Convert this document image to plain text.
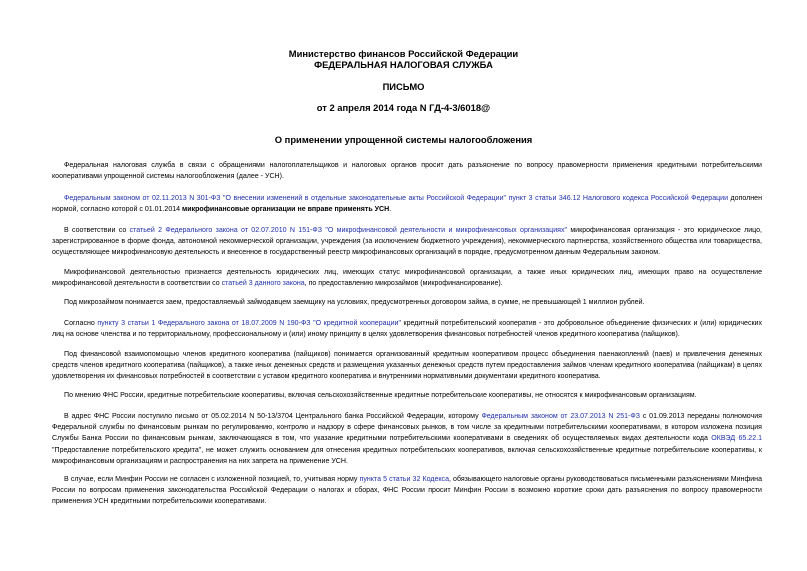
Министерство финансов Российской Федерации
ФЕДЕРАЛЬНАЯ НАЛОГОВАЯ СЛУЖБА
ПИСЬМО
от 2 апреля 2014 года N ГД-4-3/6018@
О применении упрощенной системы налогообложения

Федеральная налоговая служба в связи с обращениями налогоплательщиков и налоговых органов просит дать разъяснение по вопросу правомерности применения кредитными потребительскими кооперативами упрощенной системы налогообложения (далее - УСН).

Федеральным законом от 02.11.2013 N 301-ФЗ "О внесении изменений в отдельные законодательные акты Российской Федерации" пункт 3 статьи 346.12 Налогового кодекса Российской Федерации дополнен нормой, согласно которой с 01.01.2014 микрофинансовые организации не вправе применять УСН.

В соответствии со статьей 2 Федерального закона от 02.07.2010 N 151-ФЗ "О микрофинансовой деятельности и микрофинансовых организациях" микрофинансовая организация - это юридическое лицо, зарегистрированное в форме фонда, автономной некоммерческой организации, учреждения (за исключением бюджетного учреждения), некоммерческого партнерства, хозяйственного общества или товарищества, осуществляющее микрофинансовую деятельность и внесенное в государственный реестр микрофинансовых организаций в порядке, предусмотренном данным Федеральным законом.

Микрофинансовой деятельностью признается деятельность юридических лиц, имеющих статус микрофинансовой организации, а также иных юридических лиц, имеющих право на осуществление микрофинансовой деятельности в соответствии со статьей 3 данного закона, по предоставлению микрозаймов (микрофинансирование).

Под микрозаймом понимается заем, предоставляемый займодавцем заемщику на условиях, предусмотренных договором займа, в сумме, не превышающей 1 миллион рублей.

Согласно пункту 3 статьи 1 Федерального закона от 18.07.2009 N 190-ФЗ "О кредитной кооперации" кредитный потребительский кооператив - это добровольное объединение физических и (или) юридических лиц на основе членства и по территориальному, профессиональному и (или) иному принципу в целях удовлетворения финансовых потребностей членов кредитного кооператива (пайщиков).

Под финансовой взаимопомощью членов кредитного кооператива (пайщиков) понимается организованный кредитным кооперативом процесс объединения паенакоплений (паев) и привлечения денежных средств членов кредитного кооператива (пайщиков), а также иных денежных средств и размещения указанных денежных средств путем предоставления займов членам кредитного кооператива (пайщикам) в целях удовлетворения их финансовых потребностей в соответствии с уставом кредитного кооператива и внутренними нормативными документами кредитного кооператива.

По мнению ФНС России, кредитные потребительские кооперативы, включая сельскохозяйственные кредитные потребительские кооперативы, не относятся к микрофинансовым организациям.

В адрес ФНС России поступило письмо от 05.02.2014 N 50-13/3704 Центрального банка Российской Федерации, которому Федеральным законом от 23.07.2013 N 251-ФЗ с 01.09.2013 переданы полномочия Федеральной службы по финансовым рынкам по регулированию, контролю и надзору в сфере финансовых рынков, в том числе за кредитными потребительскими кооперативами, в котором изложена позиция Службы Банка России по финансовым рынкам, заключающаяся в том, что указание кредитными потребительскими кооперативами в сведениях об осуществляемых видах деятельности кода ОКВЭД 65.22.1 "Предоставление потребительского кредита", не может служить основанием для отнесения кредитных потребительских кооперативов, включая сельскохозяйственные кредитные потребительские кооперативы, к микрофинансовым организациям и распространения на них запрета на применение УСН.

В случае, если Минфин России не согласен с изложенной позицией, то, учитывая норму пункта 5 статьи 32 Кодекса, обязывающего налоговые органы руководствоваться письменными разъяснениями Минфина России по вопросам применения законодательства Российской Федерации о налогах и сборах, ФНС России просит Минфин России в возможно короткие сроки дать разъяснения по вопросу правомерности применения УСН кредитными потребительскими кооперативами.
